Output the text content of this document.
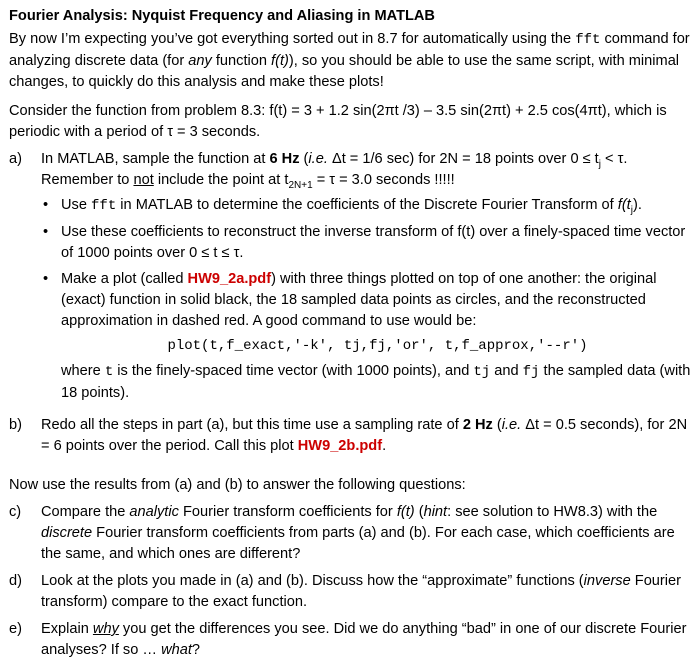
Fourier Analysis: Nyquist Frequency and Aliasing in MATLAB

By now I’m expecting you’ve got everything sorted out in 8.7 for automatically using the fft command for analyzing discrete data (for any function f(t)), so you should be able to use the same script, with minimal changes, to quickly do this analysis and make these plots!

Consider the function from problem 8.3: f(t) = 3 + 1.2 sin(2πt /3) – 3.5 sin(2πt) + 2.5 cos(4πt), which is periodic with a period of τ = 3 seconds.

a)	In MATLAB, sample the function at 6 Hz (i.e. Δt = 1/6 sec) for 2N = 18 points over $0 \le t_j < \tau$. Remember to not include the point at $t_{2N+1} = \tau = 3.0$ seconds !!!!!

• Use fft in MATLAB to determine the coefficients of the Discrete Fourier Transform of $f(t_j)$.
• Use these coefficients to reconstruct the inverse transform of f(t) over a finely-spaced time vector of 1000 points over 0 ≤ t ≤ τ.
• Make a plot (called HW9_2a.pdf) with three things plotted on top of one another: the original (exact) function in solid black, the 18 sampled data points as circles, and the reconstructed approximation in dashed red. A good command to use would be:
plot(t,f_exact,'-k', tj,fj,'or', t,f_approx,'--r')
where t is the finely-spaced time vector (with 1000 points), and tj and fj the sampled data (with 18 points).
b)	Redo all the steps in part (a), but this time use a sampling rate of 2 Hz (i.e. Δt = 0.5 seconds), for 2N = 6 points over the period. Call this plot HW9_2b.pdf.

Now use the results from (a) and (b) to answer the following questions:

c)	Compare the analytic Fourier transform coefficients for f(t) (hint: see solution to HW8.3) with the discrete Fourier transform coefficients from parts (a) and (b). For each case, which coefficients are the same, and which ones are different?
d)	Look at the plots you made in (a) and (b). Discuss how the “approximate” functions (inverse Fourier transform) compare to the exact function.
e)	Explain why you get the differences you see. Did we do anything “bad” in one of our discrete Fourier analyses? If so … what?
